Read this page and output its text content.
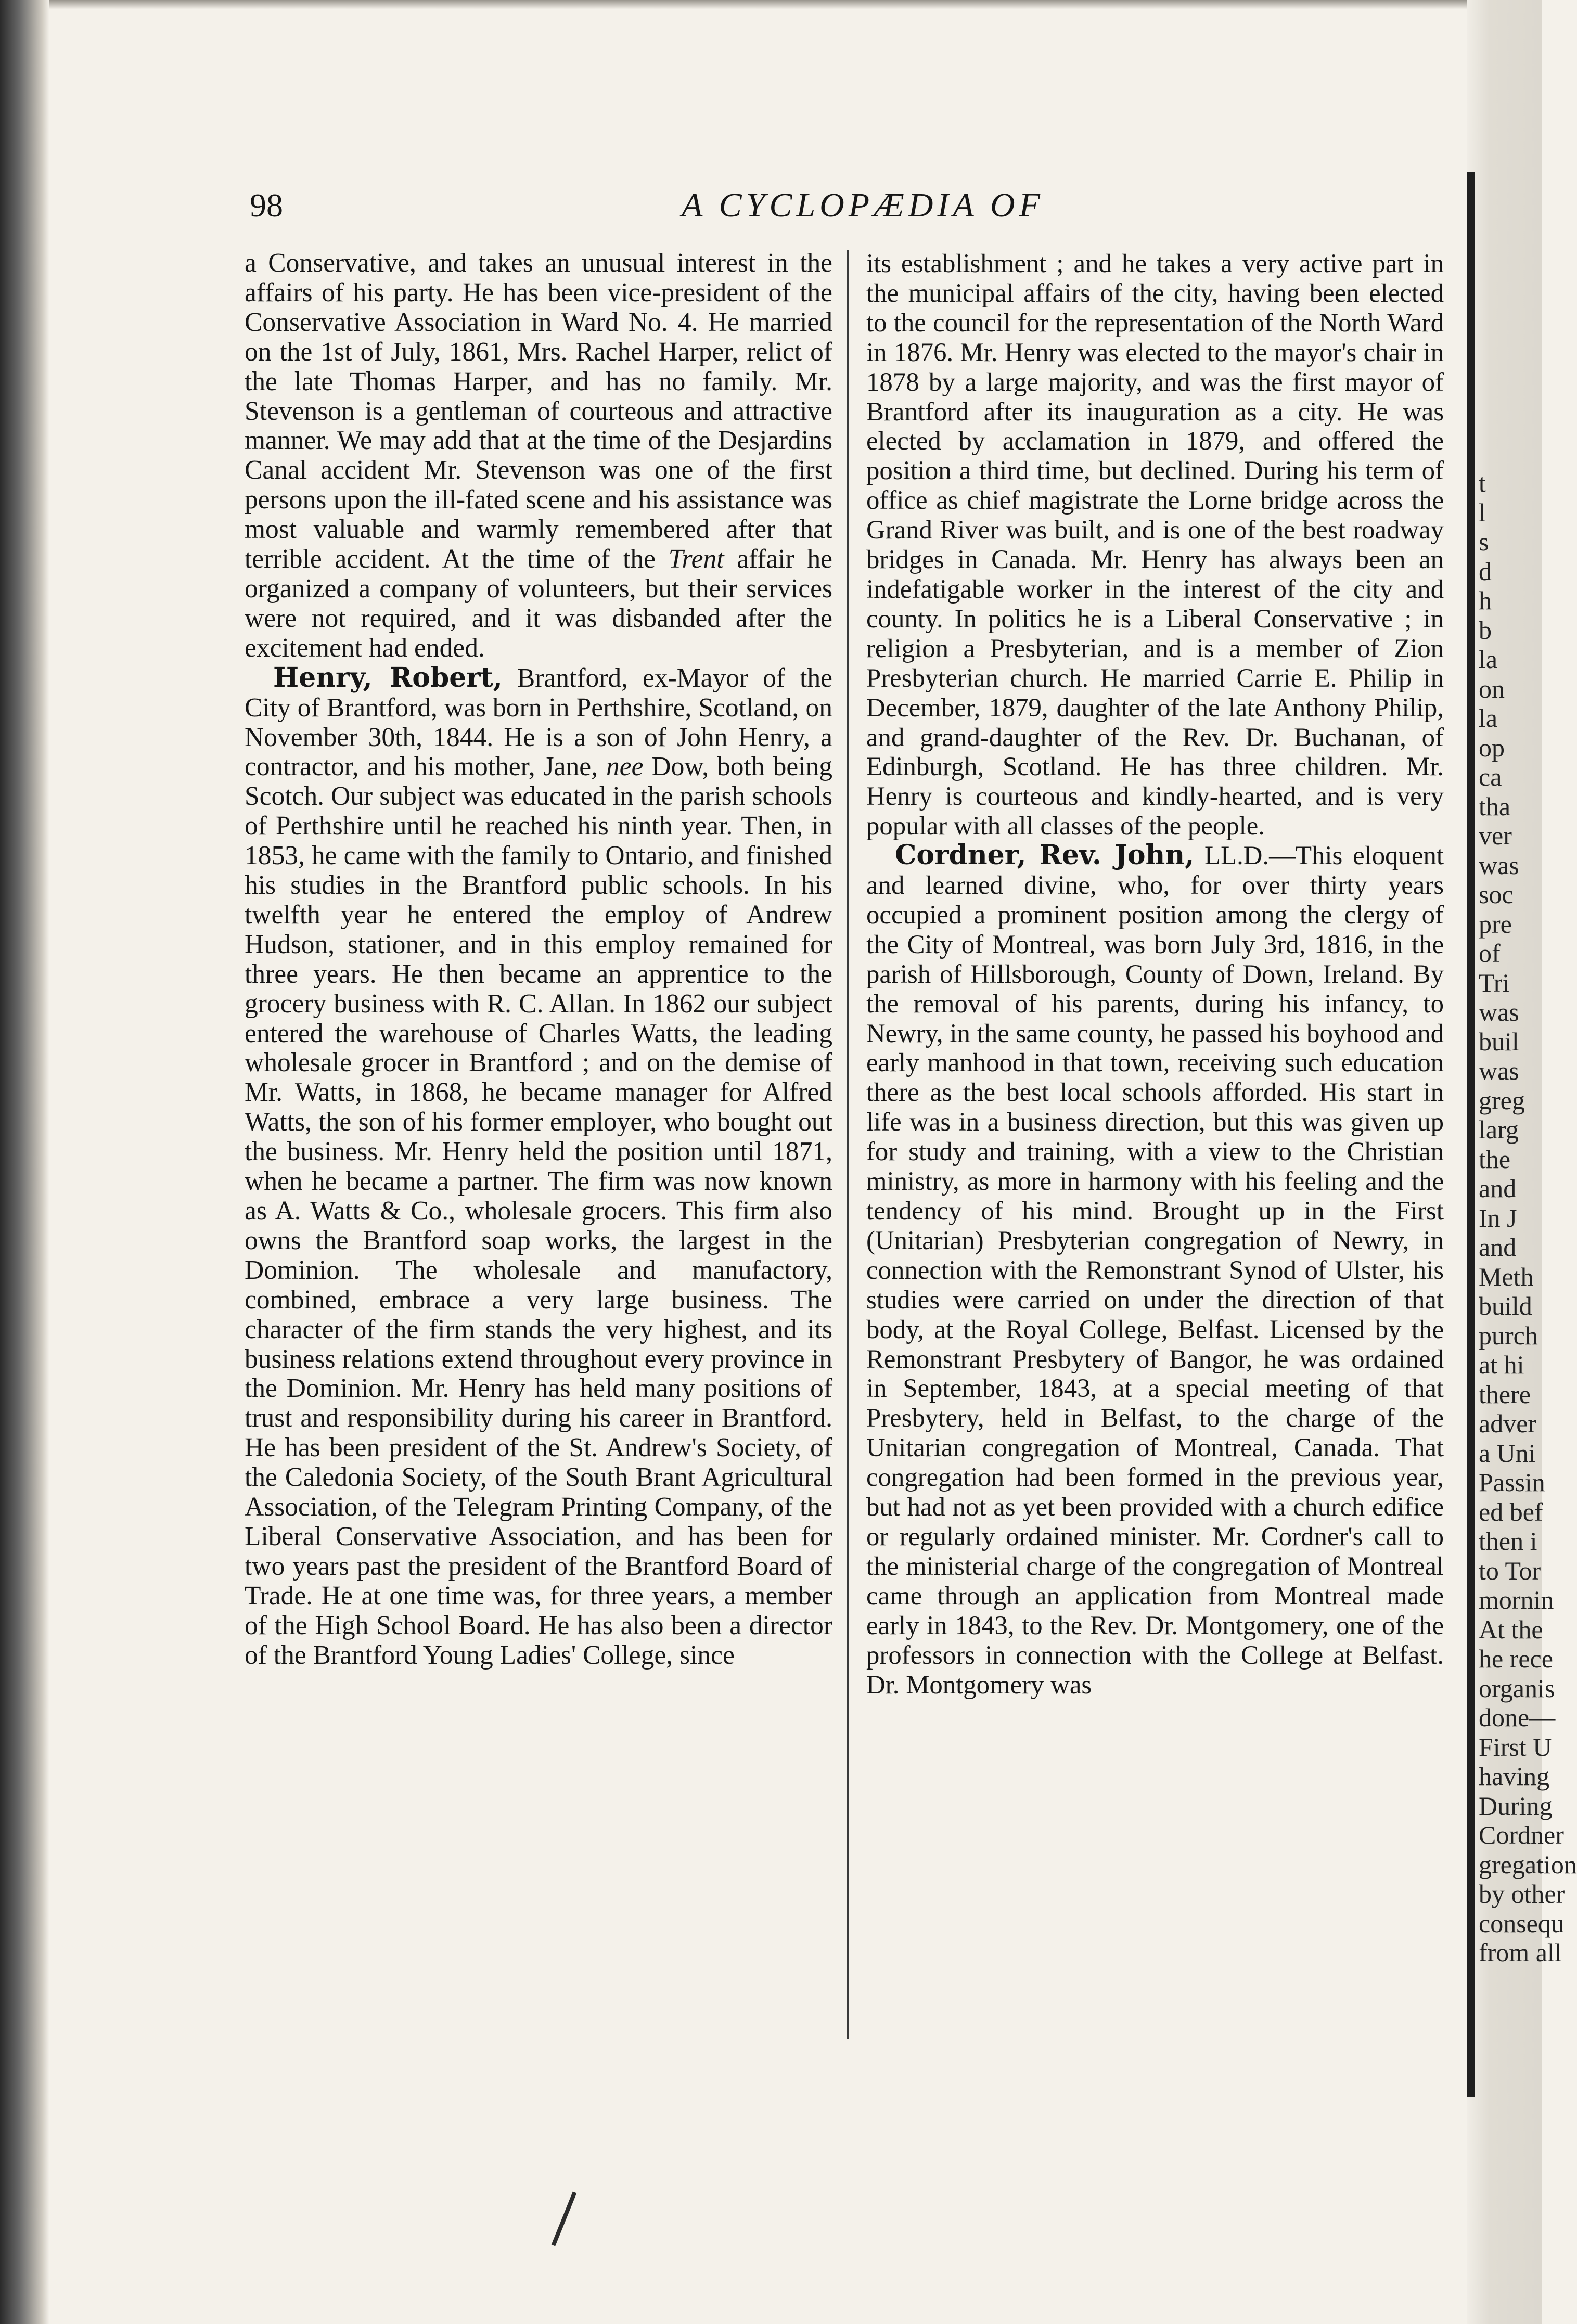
98	A CYCLOPÆDIA OF

a Conservative, and takes an unusual interest in the affairs of his party. He has been vice-president of the Conservative Association in Ward No. 4. He married on the 1st of July, 1861, Mrs. Rachel Harper, relict of the late Thomas Harper, and has no family. Mr. Stevenson is a gentleman of courteous and attractive manner. We may add that at the time of the Desjardins Canal accident Mr. Stevenson was one of the first persons upon the ill-fated scene and his assistance was most valuable and warmly remembered after that terrible accident. At the time of the Trent affair he organized a company of volunteers, but their services were not required, and it was disbanded after the excitement had ended.

Henry, Robert, Brantford, ex-Mayor of the City of Brantford, was born in Perthshire, Scotland, on November 30th, 1844. He is a son of John Henry, a contractor, and his mother, Jane, nee Dow, both being Scotch. Our subject was educated in the parish schools of Perthshire until he reached his ninth year. Then, in 1853, he came with the family to Ontario, and finished his studies in the Brantford public schools. In his twelfth year he entered the employ of Andrew Hudson, stationer, and in this employ remained for three years. He then became an apprentice to the grocery business with R. C. Allan. In 1862 our subject entered the warehouse of Charles Watts, the leading wholesale grocer in Brantford ; and on the demise of Mr. Watts, in 1868, he became manager for Alfred Watts, the son of his former employer, who bought out the business. Mr. Henry held the position until 1871, when he became a partner. The firm was now known as A. Watts & Co., wholesale grocers. This firm also owns the Brantford soap works, the largest in the Dominion. The wholesale and manufactory, combined, embrace a very large business. The character of the firm stands the very highest, and its business relations extend throughout every province in the Dominion. Mr. Henry has held many positions of trust and responsibility during his career in Brantford. He has been president of the St. Andrew's Society, of the Caledonia Society, of the South Brant Agricultural Association, of the Telegram Printing Company, of the Liberal Conservative Association, and has been for two years past the president of the Brantford Board of Trade. He at one time was, for three years, a member of the High School Board. He has also been a director of the Brantford Young Ladies' College, since

its establishment ; and he takes a very active part in the municipal affairs of the city, having been elected to the council for the representation of the North Ward in 1876. Mr. Henry was elected to the mayor's chair in 1878 by a large majority, and was the first mayor of Brantford after its inauguration as a city. He was elected by acclamation in 1879, and offered the position a third time, but declined. During his term of office as chief magistrate the Lorne bridge across the Grand River was built, and is one of the best roadway bridges in Canada. Mr. Henry has always been an indefatigable worker in the interest of the city and county. In politics he is a Liberal Conservative ; in religion a Presbyterian, and is a member of Zion Presbyterian church. He married Carrie E. Philip in December, 1879, daughter of the late Anthony Philip, and grand-daughter of the Rev. Dr. Buchanan, of Edinburgh, Scotland. He has three children. Mr. Henry is courteous and kindly-hearted, and is very popular with all classes of the people.

Cordner, Rev. John, LL.D.—This eloquent and learned divine, who, for over thirty years occupied a prominent position among the clergy of the City of Montreal, was born July 3rd, 1816, in the parish of Hillsborough, County of Down, Ireland. By the removal of his parents, during his infancy, to Newry, in the same county, he passed his boyhood and early manhood in that town, receiving such education there as the best local schools afforded. His start in life was in a business direction, but this was given up for study and training, with a view to the Christian ministry, as more in harmony with his feeling and the tendency of his mind. Brought up in the First (Unitarian) Presbyterian congregation of Newry, in connection with the Remonstrant Synod of Ulster, his studies were carried on under the direction of that body, at the Royal College, Belfast. Licensed by the Remonstrant Presbytery of Bangor, he was ordained in September, 1843, at a special meeting of that Presbytery, held in Belfast, to the charge of the Unitarian congregation of Montreal, Canada. That congregation had been formed in the previous year, but had not as yet been provided with a church edifice or regularly ordained minister. Mr. Cordner's call to the ministerial charge of the congregation of Montreal came through an application from Montreal made early in 1843, to the Rev. Dr. Montgomery, one of the professors in connection with the College at Belfast. Dr. Montgomery was

t
l
s
d
h
b
la
on
la
op
ca
tha
ver
was
soc
pre
of
Tri
was
buil
was
greg
larg
the
and
In J
and
Meth
build
purch
at hi
there
adver
a Uni
Passin
ed bef
then i
to Tor
mornin
At the
he rece
organis
done—
First U
having
During
Cordner
gregation
by other
consequ
from all
